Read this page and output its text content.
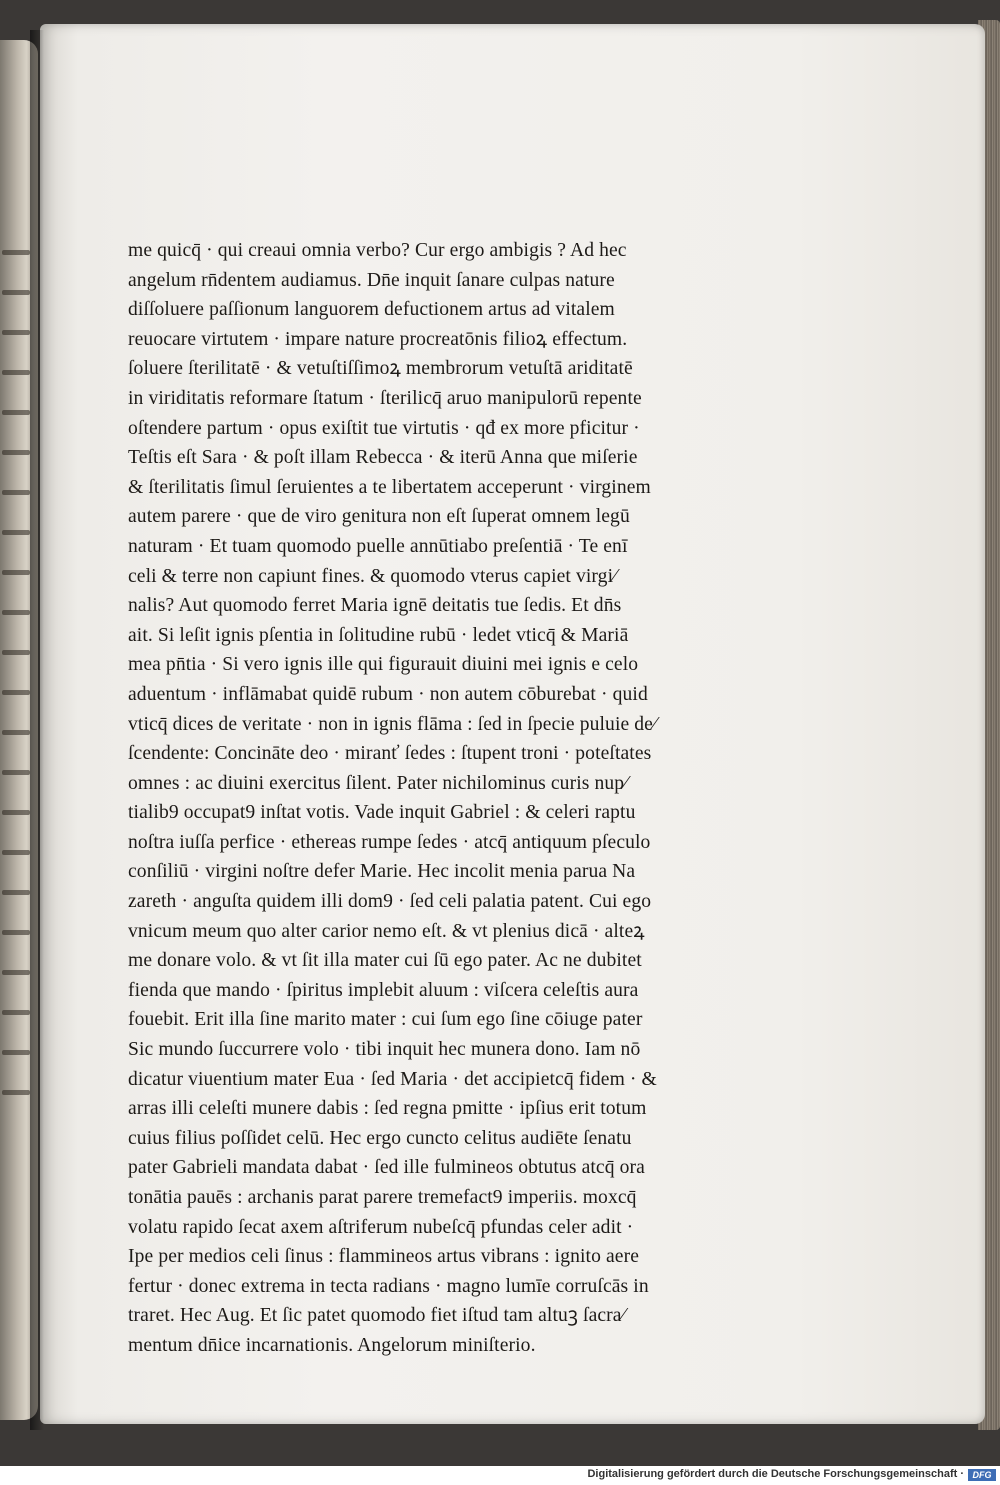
me quicq̄ · qui creaui omnia verbo? Cur ergo ambigis ? Ad hec
angelum rn̄dentem audiamus. Dn̄e inquit ſanare culpas nature
diſſoluere paſſionum languorem defuctionem artus ad vitalem
reuocare virtutem · impare nature procreatōnis filioꝝ effectum.
ſoluere ſterilitatē · & vetuſtiſſimoꝝ membrorum vetuſtā ariditatē
in viriditatis reformare ſtatum · ſterilicq̄ aruo manipulorū repente
oſtendere partum · opus exiſtit tue virtutis · qđ ex more pficitur ·
Teſtis eſt Sara · & poſt illam Rebecca · & iterū Anna que miſerie
& ſterilitatis ſimul ſeruientes a te libertatem acceperunt · virginem
autem parere · que de viro genitura non eſt ſuperat omnem legū
naturam · Et tuam quomodo puelle annūtiabo preſentiā · Te enī
celi & terre non capiunt fines. & quomodo vterus capiet virgi⁄
nalis? Aut quomodo ferret Maria ignē deitatis tue ſedis. Et dn̄s
ait. Si leſit ignis pſentia in ſolitudine rubū · ledet vticq̄ & Mariā
mea pn̄tia · Si vero ignis ille qui figurauit diuini mei ignis e celo
aduentum · inflāmabat quidē rubum · non autem cōburebat · quid
vticq̄ dices de veritate · non in ignis flāma : ſed in ſpecie puluie de⁄
ſcendente: Concināte deo · miranť ſedes : ſtupent troni · poteſtates
omnes : ac diuini exercitus ſilent. Pater nichilominus curis nup⁄
tialib9 occupat9 inſtat votis. Vade inquit Gabriel : & celeri raptu
noſtra iuſſa perfice · ethereas rumpe ſedes · atcq̄ antiquum pſeculo
conſiliū · virgini noſtre defer Marie. Hec incolit menia parua Na
zareth · anguſta quidem illi dom9 · ſed celi palatia patent. Cui ego
vnicum meum quo alter carior nemo eſt. & vt plenius dicā · alteꝝ
me donare volo. & vt ſit illa mater cui ſū ego pater. Ac ne dubitet
fienda que mando · ſpiritus implebit aluum : viſcera celeſtis aura
fouebit. Erit illa ſine marito mater : cui ſum ego ſine cōiuge pater
Sic mundo ſuccurrere volo · tibi inquit hec munera dono. Iam nō
dicatur viuentium mater Eua · ſed Maria · det accipietcq̄ fidem · &
arras illi celeſti munere dabis : ſed regna pmitte · ipſius erit totum
cuius filius poſſidet celū. Hec ergo cuncto celitus audiēte ſenatu
pater Gabrieli mandata dabat · ſed ille fulmineos obtutus atcq̄ ora
tonātia pauēs : archanis parat parere tremefact9 imperiis. moxcq̄
volatu rapido ſecat axem aſtriferum nubeſcq̄ pfundas celer adit ·
Ipe per medios celi ſinus : flammineos artus vibrans : ignito aere
fertur · donec extrema in tecta radians · magno lumīe corruſcās in
traret. Hec Aug. Et ſic patet quomodo fiet iſtud tam altuꝫ ſacra⁄
mentum dn̄ice incarnationis. Angelorum miniſterio.
Digitalisierung gefördert durch die Deutsche Forschungsgemeinschaft · DFG
